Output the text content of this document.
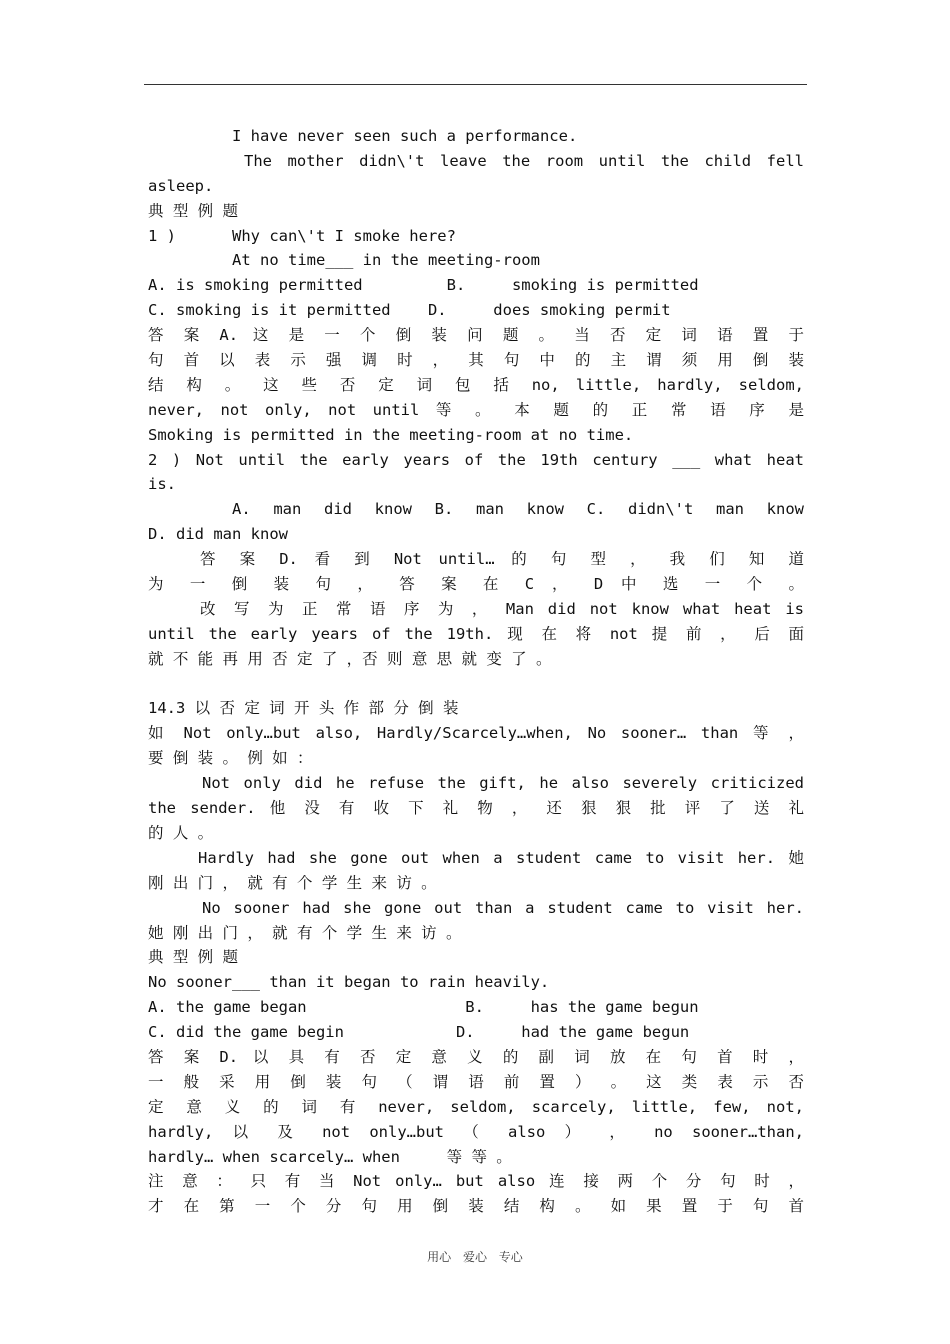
I have never seen such a performance.
The mother didn\'t leave the room until the child fell
asleep.
典 型 例 题
1 )      Why can\'t I smoke here?
At no time___ in the meeting-room
A. is smoking permitted         B.     smoking is permitted
C. smoking is it permitted    D.     does smoking permit
答 案 A. 这 是 一 个 倒 装 问 题 。 当 否 定 词 语 置 于
句 首 以 表 示 强 调 时 ， 其 句 中 的 主 谓 须 用 倒 装
结 构 。 这 些 否 定 词 包 括 no, little, hardly, seldom,
never, not only, not until 等 。 本 题 的 正 常 语 序 是
Smoking is permitted in the meeting-room at no time.
2 ) Not until the early years of the 19th century ___ what heat
is.
A. man did know B. man know C. didn\'t man know
D. did man know
答 案 D. 看 到 Not until… 的 句 型 ， 我 们 知 道
为 一 倒 装 句 ， 答 案 在 C ， D 中 选 一 个 。
改 写 为 正 常 语 序 为 ， Man did not know what heat is
until the early years of the 19th. 现 在 将 not 提 前 ， 后 面
就 不 能 再 用 否 定 了 ，否 则 意 思 就 变 了 。
14.3 以 否 定 词 开 头 作 部 分 倒 装
如 Not only…but also, Hardly/Scarcely…when, No sooner… than 等 ，
要 倒 装 。 例 如 ：
Not only did he refuse the gift, he also severely criticized
the sender. 他 没 有 收 下 礼 物 ， 还 狠 狠 批 评 了 送 礼
的 人 。
Hardly had she gone out when a student came to visit her. 她
刚 出 门 ， 就 有 个 学 生 来 访 。
No sooner had she gone out than a student came to visit her.
她 刚 出 门 ， 就 有 个 学 生 来 访 。
典 型 例 题
No sooner___ than it began to rain heavily.
A. the game began                 B.     has the game begun
C. did the game begin            D.     had the game begun
答 案 D. 以 具 有 否 定 意 义 的 副 词 放 在 句 首 时 ，
一 般 采 用 倒 装 句 （ 谓 语 前 置 ） 。 这 类 表 示 否
定 意 义 的 词 有 never, seldom, scarcely, little, few, not,
hardly, 以 及 not only…but （ also ） ， no sooner…than,
hardly… when scarcely… when     等 等 。
注 意 ： 只 有 当 Not only… but also 连 接 两 个 分 句 时 ，
才 在 第 一 个 分 句 用 倒 装 结 构 。 如 果 置 于 句 首
用心 爱心 专心
